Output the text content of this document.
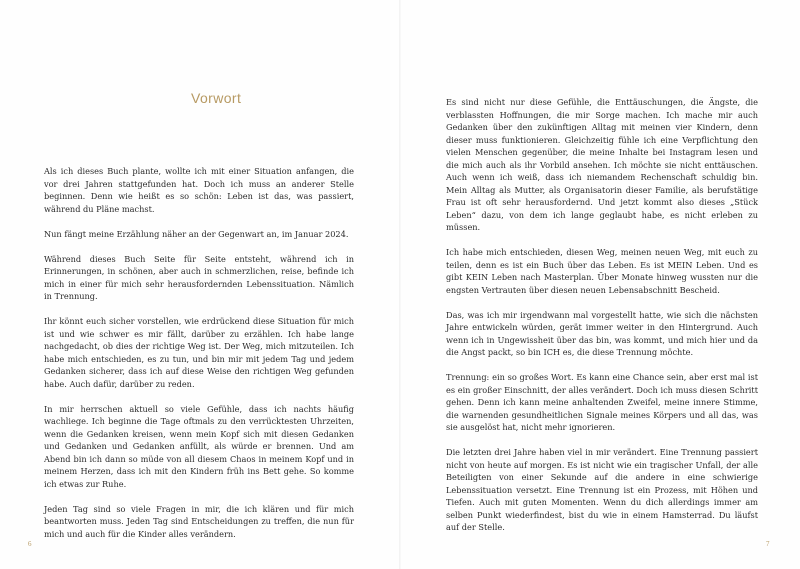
Vorwort

Als ich dieses Buch plante, wollte ich mit einer Situation anfangen, die vor drei Jahren stattgefunden hat. Doch ich muss an anderer Stelle beginnen. Denn wie heißt es so schön: Leben ist das, was passiert, während du Pläne machst.

Nun fängt meine Erzählung näher an der Gegenwart an, im Januar 2024.

Während dieses Buch Seite für Seite entsteht, während ich in Erinnerungen, in schönen, aber auch in schmerzlichen, reise, befinde ich mich in einer für mich sehr herausfordernden Lebenssituation. Nämlich in Trennung.

Ihr könnt euch sicher vorstellen, wie erdrückend diese Situation für mich ist und wie schwer es mir fällt, darüber zu erzählen. Ich habe lange nachgedacht, ob dies der richtige Weg ist. Der Weg, mich mitzuteilen. Ich habe mich entschieden, es zu tun, und bin mir mit jedem Tag und jedem Gedanken sicherer, dass ich auf diese Weise den richtigen Weg gefunden habe. Auch dafür, darüber zu reden.

In mir herrschen aktuell so viele Gefühle, dass ich nachts häufig wachliege. Ich beginne die Tage oftmals zu den verrücktesten Uhrzeiten, wenn die Gedanken kreisen, wenn mein Kopf sich mit diesen Gedanken und Gedanken und Gedanken anfüllt, als würde er brennen. Und am Abend bin ich dann so müde von all diesem Chaos in meinem Kopf und in meinem Herzen, dass ich mit den Kindern früh ins Bett gehe. So komme ich etwas zur Ruhe.

Jeden Tag sind so viele Fragen in mir, die ich klären und für mich beantworten muss. Jeden Tag sind Entscheidungen zu treffen, die nun für mich und auch für die Kinder alles verändern.

6

Es sind nicht nur diese Gefühle, die Enttäuschungen, die Ängste, die verblassten Hoffnungen, die mir Sorge machen. Ich mache mir auch Gedanken über den zukünftigen Alltag mit meinen vier Kindern, denn dieser muss funktionieren. Gleichzeitig fühle ich eine Verpflichtung den vielen Menschen gegenüber, die meine Inhalte bei Instagram lesen und die mich auch als ihr Vorbild ansehen. Ich möchte sie nicht enttäuschen. Auch wenn ich weiß, dass ich niemandem Rechenschaft schuldig bin. Mein Alltag als Mutter, als Organisatorin dieser Familie, als berufstätige Frau ist oft sehr herausfordernd. Und jetzt kommt also dieses „Stück Leben“ dazu, von dem ich lange geglaubt habe, es nicht erleben zu müssen.

Ich habe mich entschieden, diesen Weg, meinen neuen Weg, mit euch zu teilen, denn es ist ein Buch über das Leben. Es ist MEIN Leben. Und es gibt KEIN Leben nach Masterplan. Über Monate hinweg wussten nur die engsten Vertrauten über diesen neuen Lebensabschnitt Bescheid.

Das, was ich mir irgendwann mal vorgestellt hatte, wie sich die nächsten Jahre entwickeln würden, gerät immer weiter in den Hintergrund. Auch wenn ich in Ungewissheit über das bin, was kommt, und mich hier und da die Angst packt, so bin ICH es, die diese Trennung möchte.

Trennung: ein so großes Wort. Es kann eine Chance sein, aber erst mal ist es ein großer Einschnitt, der alles verändert. Doch ich muss diesen Schritt gehen. Denn ich kann meine anhaltenden Zweifel, meine innere Stimme, die warnenden gesundheitlichen Signale meines Körpers und all das, was sie ausgelöst hat, nicht mehr ignorieren.

Die letzten drei Jahre haben viel in mir verändert. Eine Trennung passiert nicht von heute auf morgen. Es ist nicht wie ein tragischer Unfall, der alle Beteiligten von einer Sekunde auf die andere in eine schwierige Lebenssituation versetzt. Eine Trennung ist ein Prozess, mit Höhen und Tiefen. Auch mit guten Momenten. Wenn du dich allerdings immer am selben Punkt wiederfindest, bist du wie in einem Hamsterrad. Du läufst auf der Stelle.

7
